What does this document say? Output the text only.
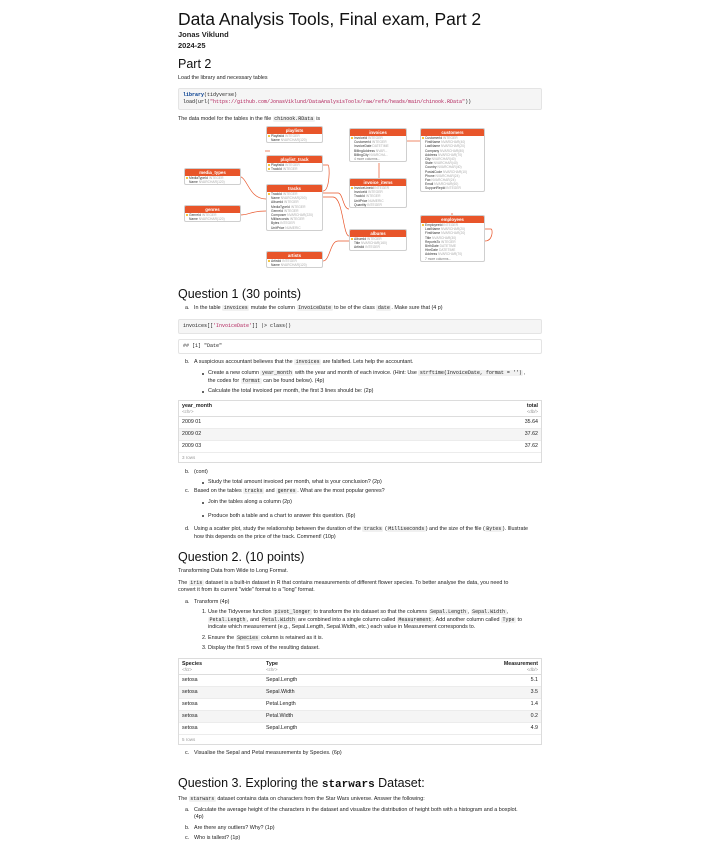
Data Analysis Tools, Final exam, Part 2
Jonas Viklund
2024-25
Part 2

Load the library and necessary tables

library(tidyverse)
load(url("https://github.com/JonasViklund/DataAnalysisTools/raw/refs/heads/main/chinook.RData"))

The data model for the tables in the file chinook.RData is

playlists
PlaylistId INTEGER
Name NVARCHAR(120)
playlist_track
PlaylistId INTEGER
TrackId INTEGER
media_types
MediaTypeId INTEGER
Name NVARCHAR(120)
genres
GenreId INTEGER
Name NVARCHAR(120)
tracks
TrackId INTEGER
Name NVARCHAR(200)
AlbumId INTEGER
MediaTypeId INTEGER
GenreId INTEGER
Composer NVARCHAR(220)
Milliseconds INTEGER
Bytes INTEGER
UnitPrice NUMERIC
artists
ArtistId INTEGER
Name NVARCHAR(120)
invoices
InvoiceId INTEGER
CustomerId INTEGER
InvoiceDate DATETIME
BillingAddress NVAR...
BillingCity NVARCHA...
4 more columns...
invoice_items
InvoiceLineId INTEGER
InvoiceId INTEGER
TrackId INTEGER
UnitPrice NUMERIC
Quantity INTEGER
albums
AlbumId INTEGER
Title NVARCHAR(160)
ArtistId INTEGER
customers
CustomerId INTEGER
FirstName NVARCHAR(40)
LastName NVARCHAR(20)
Company NVARCHAR(80)
Address NVARCHAR(70)
City NVARCHAR(40)
State NVARCHAR(40)
Country NVARCHAR(40)
PostalCode NVARCHAR(10)
Phone NVARCHAR(24)
Fax NVARCHAR(24)
Email NVARCHAR(60)
SupportRepId INTEGER
employees
EmployeeId INTEGER
LastName NVARCHAR(20)
FirstName NVARCHAR(20)
Title NVARCHAR(30)
ReportsTo INTEGER
BirthDate DATETIME
HireDate DATETIME
Address NVARCHAR(70)
7 more columns...
Question 1 (30 points)
a. In the table invoices mutate the column InvoiceDate to be of the class date . Make sure that (4 p)
invoices[['InvoiceDate']] |> class()
## [1] "Date"
b. A suspicious accountant believes that the invoices are falsified. Lets help the accountant.
Create a new column year_month with the year and month of each invoice. (Hint: Use strftime(InvoiceDate, format = '') ,
the codes for format can be found below). (4p)
Calculate the total invoiced per month, the first 3 lines should be: (2p)
year_month	total
<chr>	<dbl>
2009 01	35.64
2009 02	37.62
2009 03	37.62
3 rows
b. (cont)
Study the total amount invoiced per month, what is your conclusion? (2p)
c. Based on the tables tracks and genres . What are the most popular genres?
Join the tables along a column (2p)
Produce both a table and a chart to answer this question. (6p)
d. Using a scatter plot, study the relationship between the duration of the tracks ( Milliseconds ) and the size of the file ( Bytes ). Illustrate
how this depends on the price of the track. Comment! (10p)
Question 2. (10 points)

Transforming Data from Wide to Long Format.

The iris dataset is a built-in dataset in R that contains measurements of different flower species. To better analyse the data, you need to
convert it from its current "wide" format to a "long" format.

a. Transform (4p)
1. Use the Tidyverse function pivot_longer to transform the iris dataset so that the columns Sepal.Length , Sepal.Width ,
Petal.Length , and Petal.Width are combined into a single column called Measurement . Add another column called Type to
indicate which measurement (e.g., Sepal.Length, Sepal.Width, etc.) each value in Measurement corresponds to.
2. Ensure the Species column is retained as it is.
3. Display the first 5 rows of the resulting dataset.
Species	Type	Measurement
<fct>	<chr>	<dbl>
setosa	Sepal.Length	5.1
setosa	Sepal.Width	3.5
setosa	Petal.Length	1.4
setosa	Petal.Width	0.2
setosa	Sepal.Length	4.9
5 rows
c. Visualise the Sepal and Petal measurements by Species. (6p)
Question 3. Exploring the starwars Dataset:

The starwars dataset contains data on characters from the Star Wars universe. Answer the following:

a. Calculate the average height of the characters in the dataset and visualize the distribution of height both with a histogram and a boxplot.
(4p)
b. Are there any outliers? Why? (1p)
c. Who is tallest? (1p)
